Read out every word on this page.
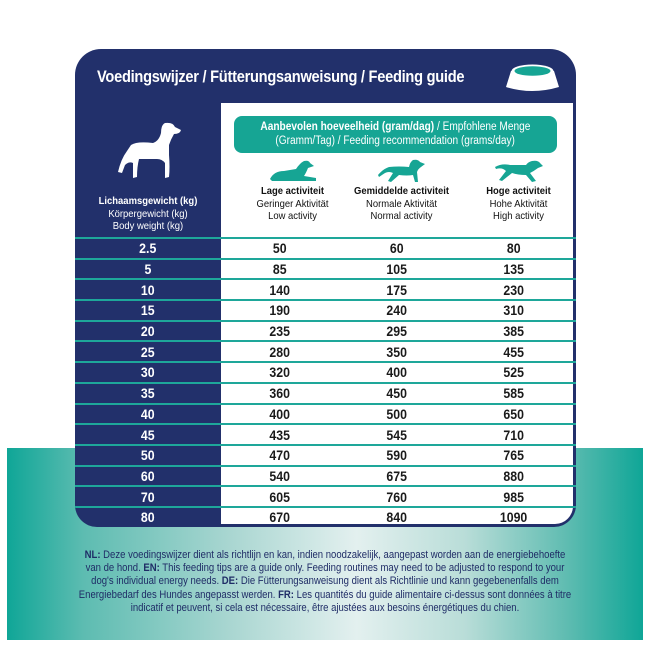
Voedingswijzer / Fütterungsanweisung / Feeding guide
Lichaamsgewicht (kg)
Körpergewicht (kg)
Body weight (kg)
Aanbevolen hoeveelheid (gram/dag) / Empfohlene Menge
(Gramm/Tag) / Feeding recommendation (grams/day)
Lage activiteit
Geringer Aktivität
Low activity
Gemiddelde activiteit
Normale Aktivität
Normal activity
Hoge activiteit
Hohe Aktivität
High activity
2.5	50	60	80
5	85	105	135
10	140	175	230
15	190	240	310
20	235	295	385
25	280	350	455
30	320	400	525
35	360	450	585
40	400	500	650
45	435	545	710
50	470	590	765
60	540	675	880
70	605	760	985
80	670	840	1090
NL: Deze voedingswijzer dient als richtlijn en kan, indien noodzakelijk, aangepast worden aan de energiebehoefte
van de hond. EN: This feeding tips are a guide only. Feeding routines may need to be adjusted to respond to your
dog's individual energy needs. DE: Die Fütterungsanweisung dient als Richtlinie und kann gegebenenfalls dem
Energiebedarf des Hundes angepasst werden. FR: Les quantités du guide alimentaire ci-dessus sont données à titre
indicatif et peuvent, si cela est nécessaire, être ajustées aux besoins énergétiques du chien.
